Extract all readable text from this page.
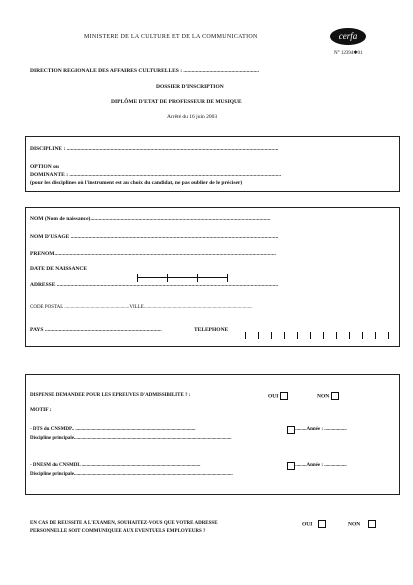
MINISTERE DE LA CULTURE ET DE LA COMMUNICATION	cerfa
N° 12394✱01
DIRECTION REGIONALE DES AFFAIRES CULTURELLES : .......................................................
DOSSIER D'INSCRIPTION
DIPLÔME D'ETAT DE PROFESSEUR DE MUSIQUE
Arrêté du 16 juin 2003
DISCIPLINE : ..........................................................................................................................................................
OPTION ou
DOMINANTE : ..........................................................................................................................................................
(pour les disciplines où l'instrument est au choix du candidat, ne pas oublier de le préciser)
NOM (Nom de naissance)...................................................................................................................................
NOM D'USAGE .......................................................................................................................................................
PRENOM.................................................................................................................................................................
DATE DE NAISSANCE
ADRESSE .................................................................................................................................................................
CODE POSTAL ....................................................VILLE.......................................................................................
PAYS .....................................................................................	TELEPHONE
DISPENSE DEMANDEE POUR LES EPREUVES D'ADMISSIBILITE ? :	OUI	NON
MOTIF :
- DTS du CNSMDP.. ................................................................................................	..........Année : ..................
Discipline principale..............................................................................................................................
- DNESM du CNSMDL ...............................................................................................	..........Année : ..................
Discipline principale...............................................................................................................................
EN CAS DE REUSSITE A L'EXAMEN, SOUHAITEZ-VOUS QUE VOTRE ADRESSE
PERSONNELLE SOIT COMMUNIQUEE AUX EVENTUELS EMPLOYEURS ?
OUI	NON
